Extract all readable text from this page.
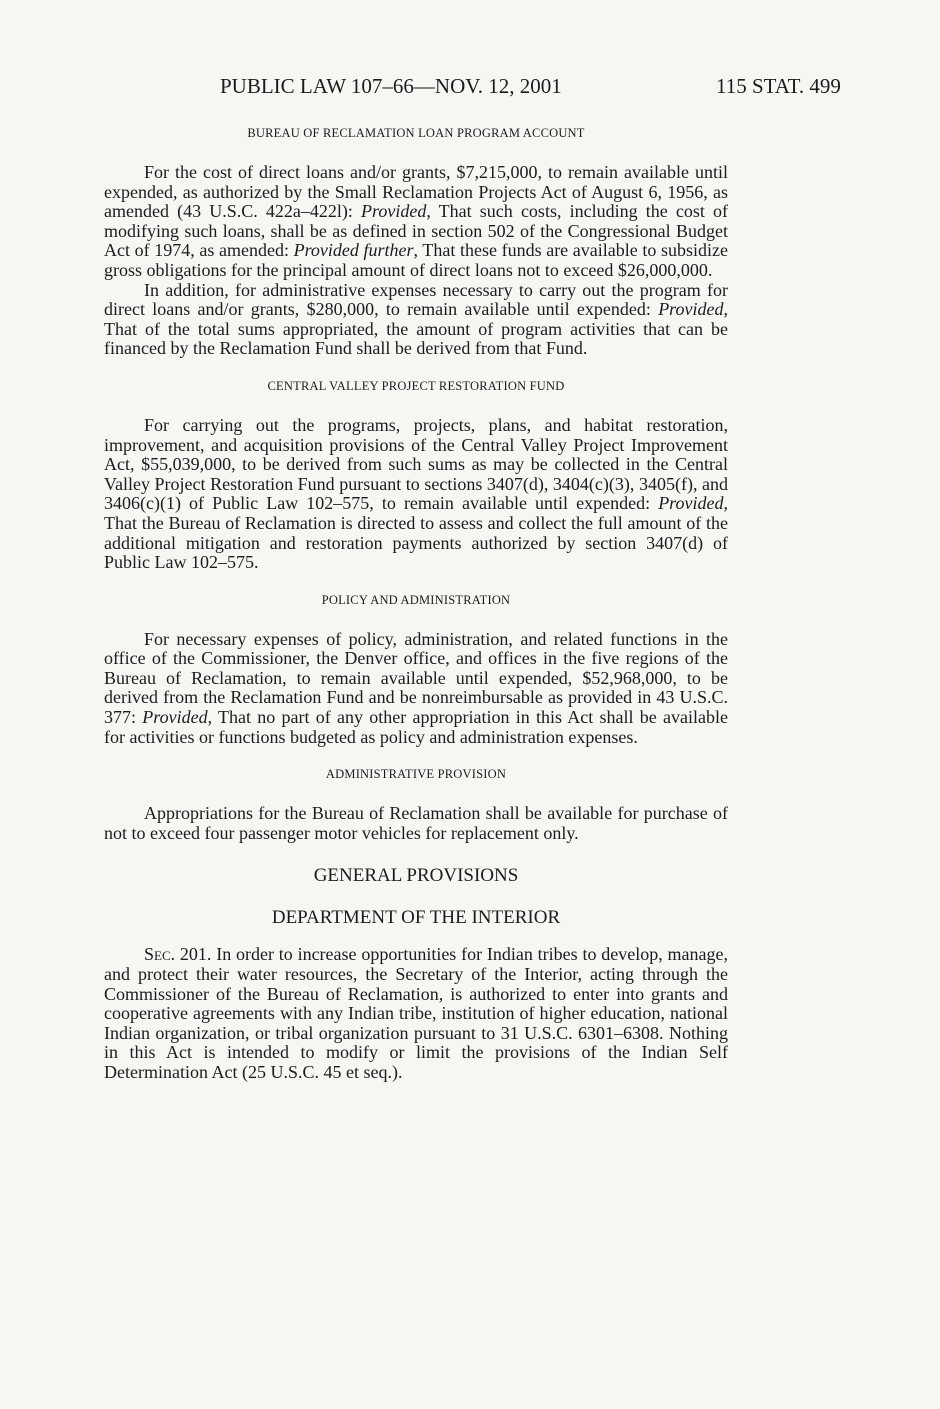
PUBLIC LAW 107–66—NOV. 12, 2001	115 STAT. 499
BUREAU OF RECLAMATION LOAN PROGRAM ACCOUNT

For the cost of direct loans and/or grants, $7,215,000, to remain available until expended, as authorized by the Small Reclamation Projects Act of August 6, 1956, as amended (43 U.S.C. 422a–422l): Provided, That such costs, including the cost of modifying such loans, shall be as defined in section 502 of the Congressional Budget Act of 1974, as amended: Provided further, That these funds are available to subsidize gross obligations for the principal amount of direct loans not to exceed $26,000,000.

In addition, for administrative expenses necessary to carry out the program for direct loans and/or grants, $280,000, to remain available until expended: Provided, That of the total sums appropriated, the amount of program activities that can be financed by the Reclamation Fund shall be derived from that Fund.

CENTRAL VALLEY PROJECT RESTORATION FUND

For carrying out the programs, projects, plans, and habitat restoration, improvement, and acquisition provisions of the Central Valley Project Improvement Act, $55,039,000, to be derived from such sums as may be collected in the Central Valley Project Restoration Fund pursuant to sections 3407(d), 3404(c)(3), 3405(f), and 3406(c)(1) of Public Law 102–575, to remain available until expended: Provided, That the Bureau of Reclamation is directed to assess and collect the full amount of the additional mitigation and restoration payments authorized by section 3407(d) of Public Law 102–575.

POLICY AND ADMINISTRATION

For necessary expenses of policy, administration, and related functions in the office of the Commissioner, the Denver office, and offices in the five regions of the Bureau of Reclamation, to remain available until expended, $52,968,000, to be derived from the Reclamation Fund and be nonreimbursable as provided in 43 U.S.C. 377: Provided, That no part of any other appropriation in this Act shall be available for activities or functions budgeted as policy and administration expenses.

ADMINISTRATIVE PROVISION

Appropriations for the Bureau of Reclamation shall be available for purchase of not to exceed four passenger motor vehicles for replacement only.

GENERAL PROVISIONS
DEPARTMENT OF THE INTERIOR

Sec. 201. In order to increase opportunities for Indian tribes to develop, manage, and protect their water resources, the Secretary of the Interior, acting through the Commissioner of the Bureau of Reclamation, is authorized to enter into grants and cooperative agreements with any Indian tribe, institution of higher education, national Indian organization, or tribal organization pursuant to 31 U.S.C. 6301–6308. Nothing in this Act is intended to modify or limit the provisions of the Indian Self Determination Act (25 U.S.C. 45 et seq.).
